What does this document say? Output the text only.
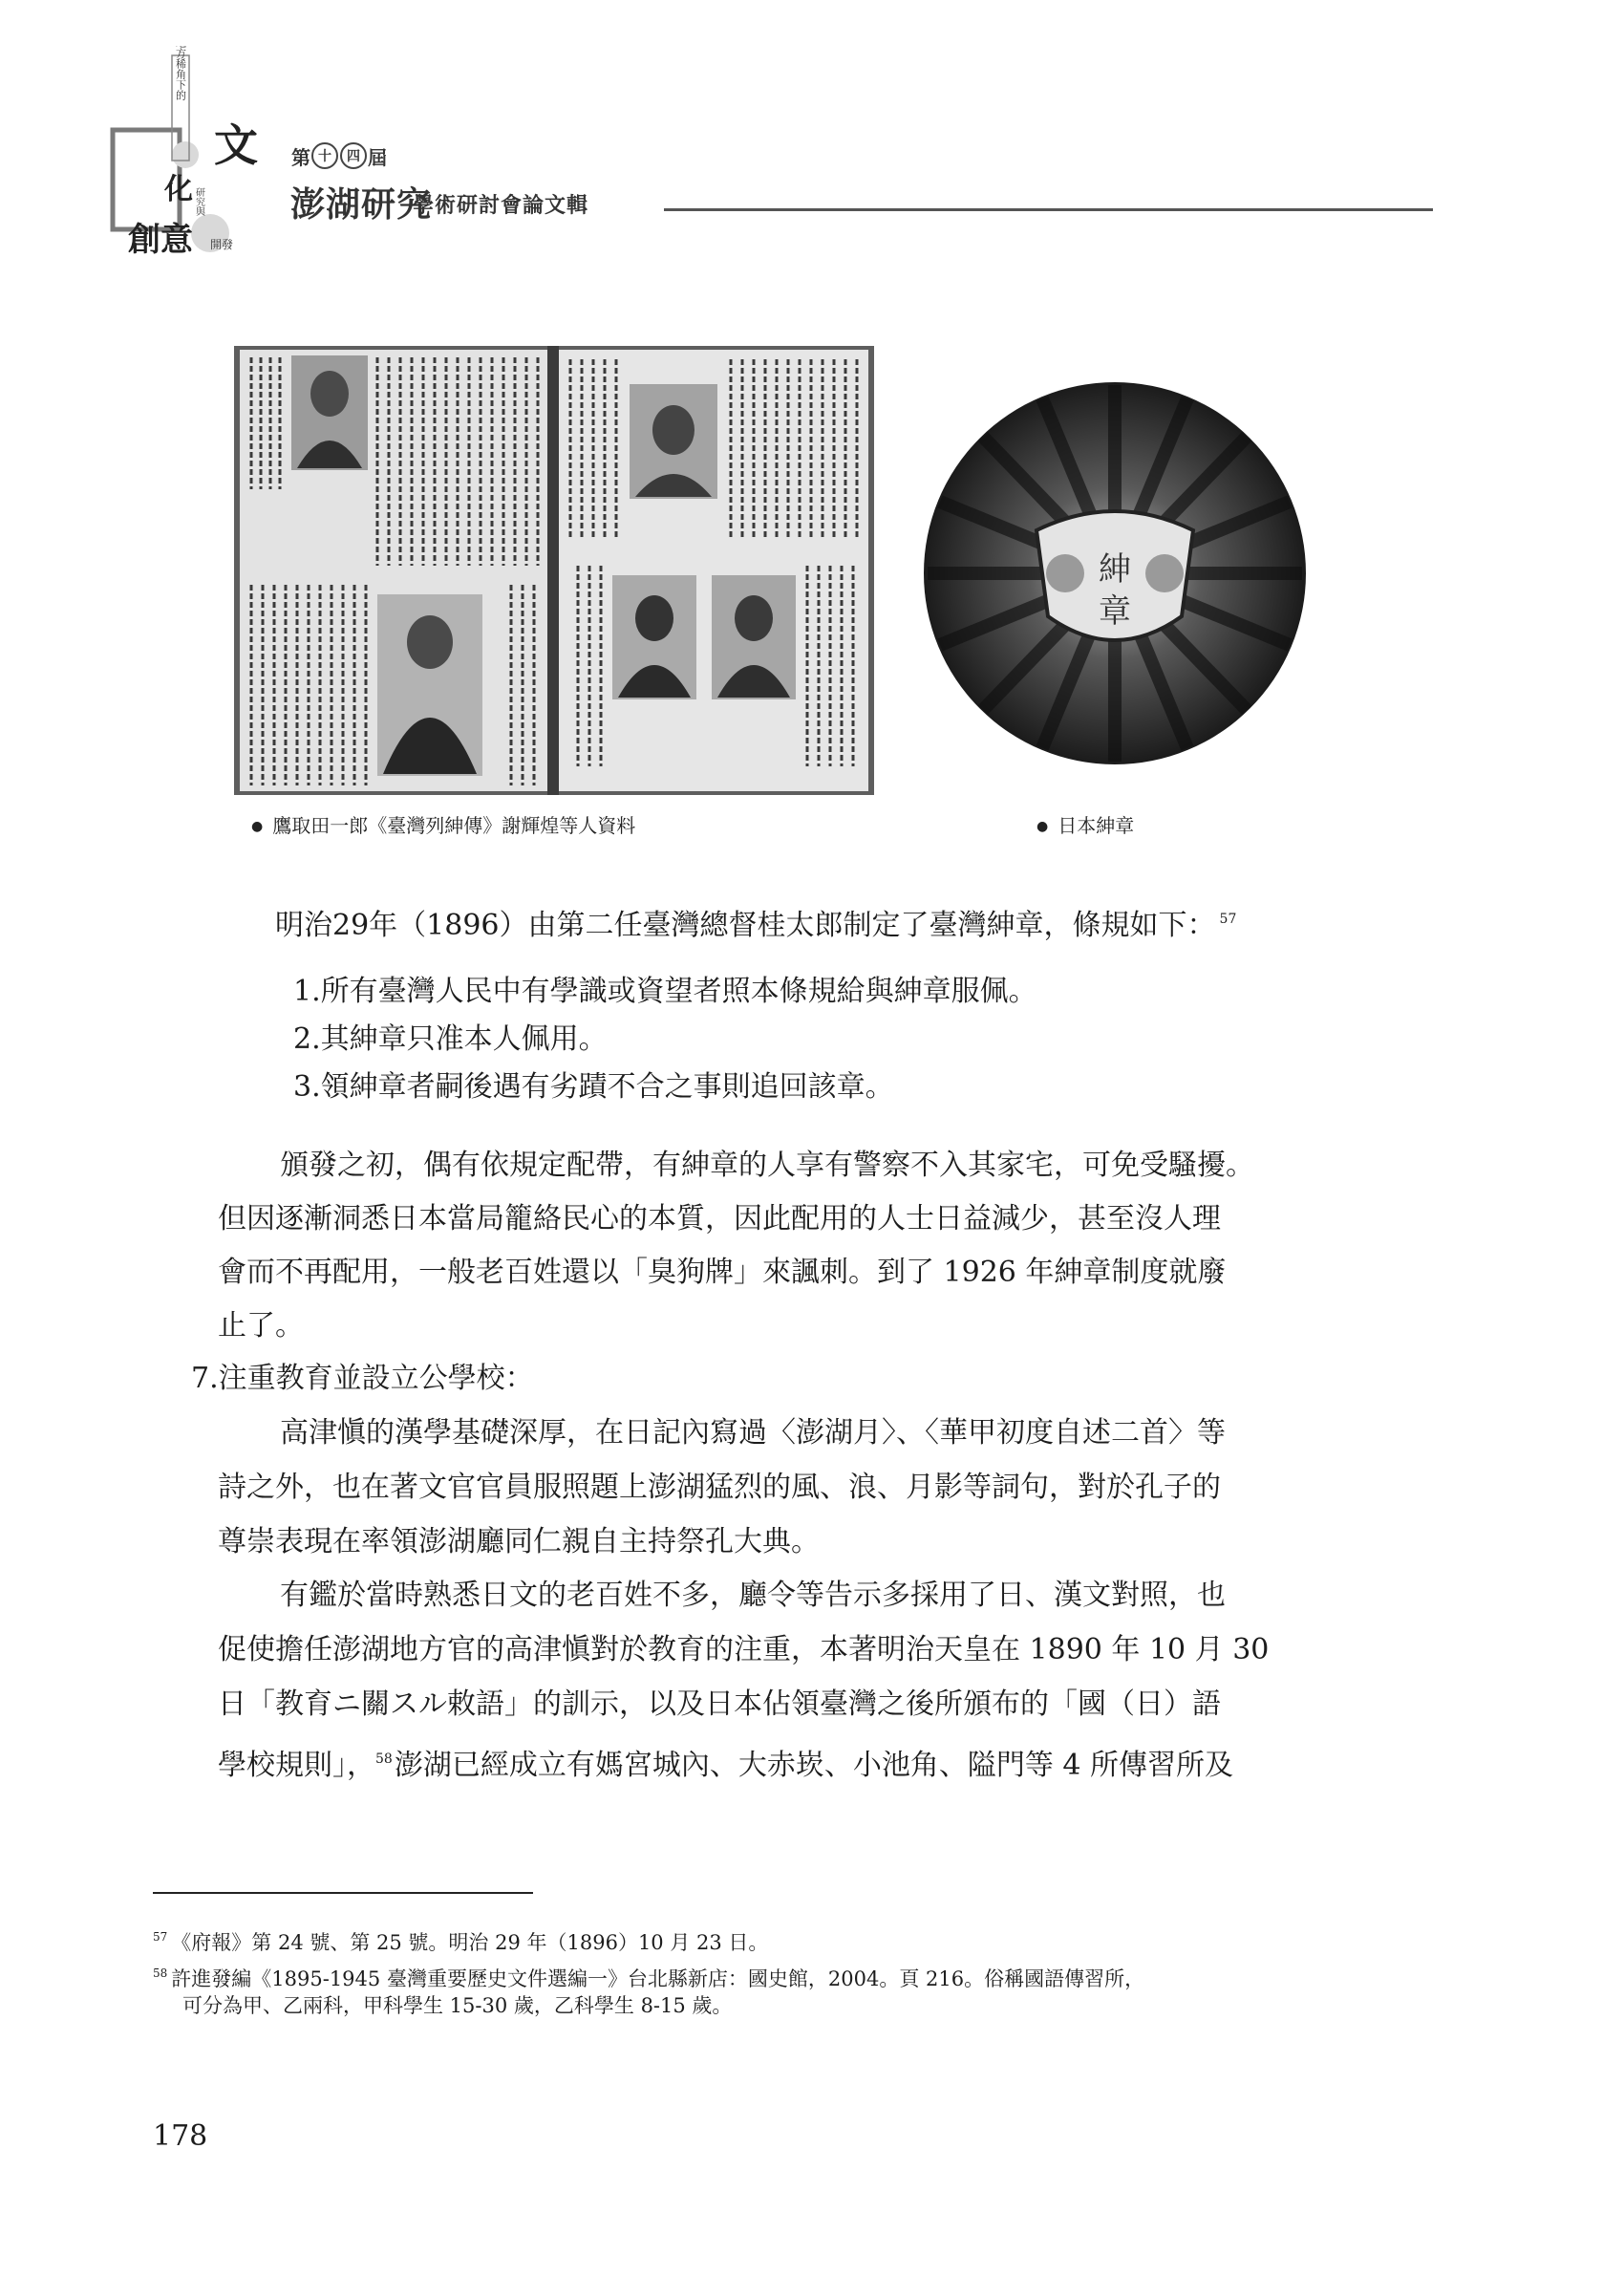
地方稀角下的
文
化 研究與
創意 開發
第 十	四 屆
澎湖研究
學術研討會論文輯
紳
章
● 鷹取田一郎《臺灣列紳傳》謝輝煌等人資料	● 日本紳章
明治29年（1896）由第二任臺灣總督桂太郎制定了臺灣紳章，條規如下： $^{57}$
1.所有臺灣人民中有學識或資望者照本條規給與紳章服佩。
2.其紳章只准本人佩用。
3.領紳章者嗣後遇有劣蹟不合之事則追回該章。
頒發之初，偶有依規定配帶，有紳章的人享有警察不入其家宅，可免受騷擾。
但因逐漸洞悉日本當局籠絡民心的本質，因此配用的人士日益減少，甚至沒人理
會而不再配用，一般老百姓還以「臭狗牌」來諷刺。到了 1926 年紳章制度就廢
止了。
7.注重教育並設立公學校：
高津愼的漢學基礎深厚，在日記內寫過〈澎湖月〉、〈華甲初度自述二首〉等
詩之外，也在著文官官員服照題上澎湖猛烈的風、浪、月影等詞句，對於孔子的
尊崇表現在率領澎湖廳同仁親自主持祭孔大典。
有鑑於當時熟悉日文的老百姓不多，廳令等告示多採用了日、漢文對照，也
促使擔任澎湖地方官的高津愼對於教育的注重，本著明治天皇在 1890 年 10 月 30
日「教育ニ關スル敕語」的訓示，以及日本佔領臺灣之後所頒布的「國（日）語
學校規則」，$^{58}$澎湖已經成立有媽宮城內、大赤崁、小池角、隘門等 4 所傳習所及
$^{57}$ 《府報》第 24 號、第 25 號。明治 29 年（1896）10 月 23 日。
$^{58}$ 許進發編《1895-1945 臺灣重要歷史文件選編一》台北縣新店：國史館，2004。頁 216。俗稱國語傳習所，
可分為甲、乙兩科，甲科學生 15-30 歲，乙科學生 8-15 歲。
178
